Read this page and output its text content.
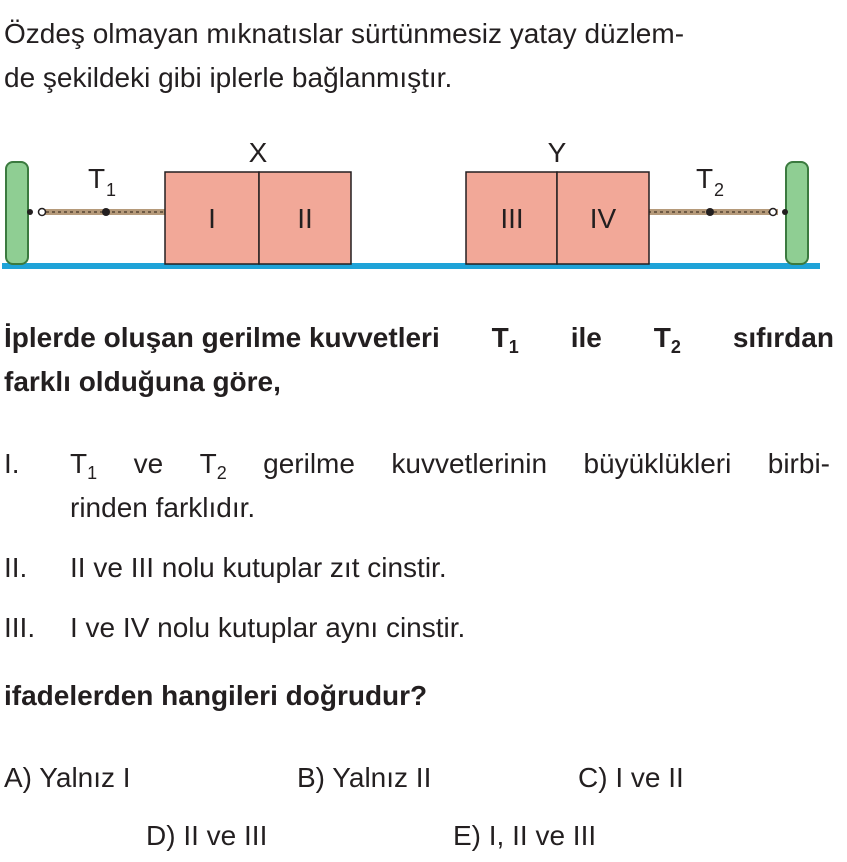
Özdeş olmayan mıknatıslar sürtünmesiz yatay düzlem-
de şekildeki gibi iplerle bağlanmıştır.
X	Y
I	II	III IV
T 1	T 2
İplerde oluşan gerilme kuvvetleri $T_1$ ile $T_2$ sıfırdan
farklı olduğuna göre,
I. $T_1$ ve $T_2$ gerilme kuvvetlerinin büyüklükleri birbi-
rinden farklıdır.
II. II ve III nolu kutuplar zıt cinstir.
III. I ve IV nolu kutuplar aynı cinstir.
ifadelerden hangileri doğrudur?
A) Yalnız I	B) Yalnız II	C) I ve II
D) II ve III	E) I, II ve III
